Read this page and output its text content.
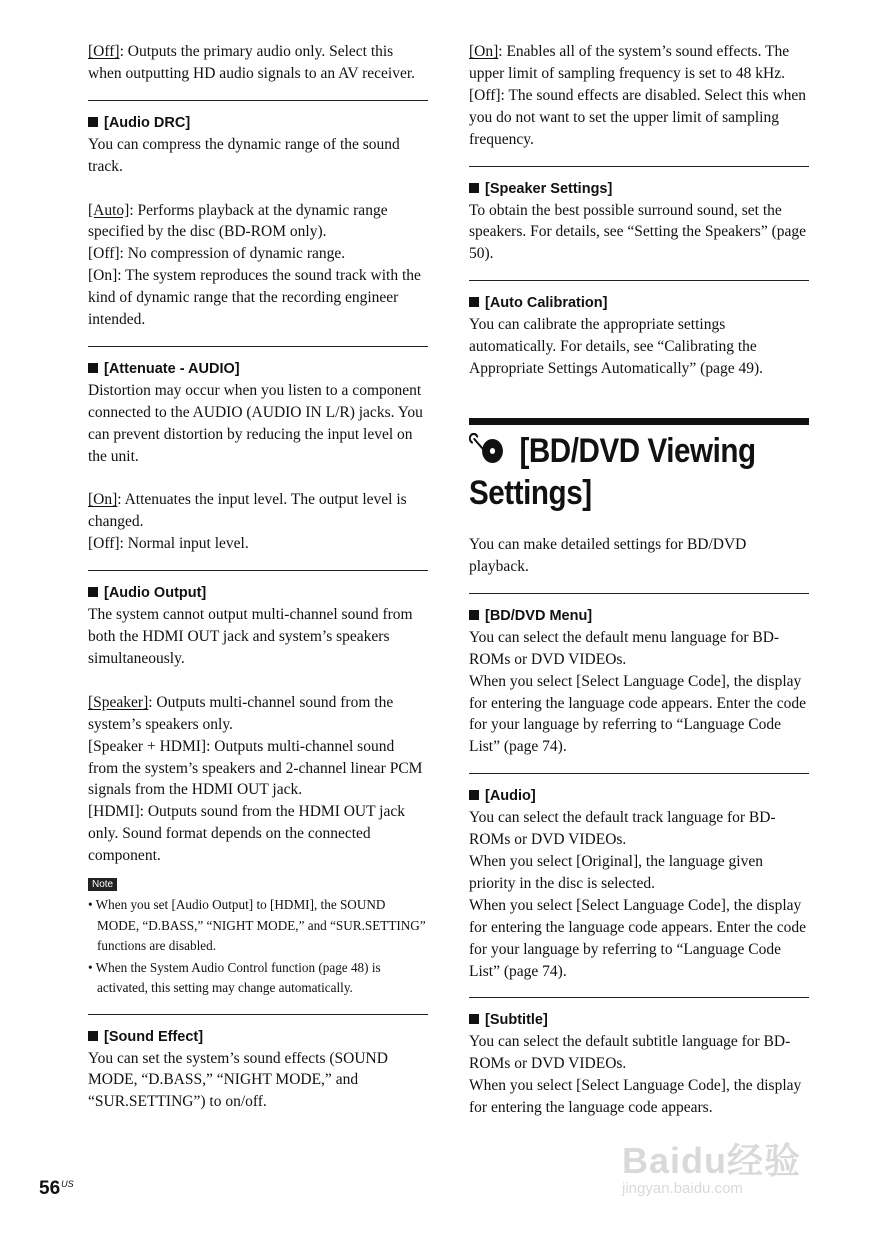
[Off]: Outputs the primary audio only. Select this when outputting HD audio signals to an AV receiver.

[Audio DRC]

You can compress the dynamic range of the sound track.

[Auto]: Performs playback at the dynamic range specified by the disc (BD-ROM only).

[Off]: No compression of dynamic range.

[On]: The system reproduces the sound track with the kind of dynamic range that the recording engineer intended.

[Attenuate - AUDIO]

Distortion may occur when you listen to a component connected to the AUDIO (AUDIO IN L/R) jacks. You can prevent distortion by reducing the input level on the unit.

[On]: Attenuates the input level. The output level is changed.

[Off]: Normal input level.

[Audio Output]

The system cannot output multi-channel sound from both the HDMI OUT jack and system’s speakers simultaneously.

[Speaker]: Outputs multi-channel sound from the system’s speakers only.

[Speaker + HDMI]: Outputs multi-channel sound from the system’s speakers and 2-channel linear PCM signals from the HDMI OUT jack.

[HDMI]: Outputs sound from the HDMI OUT jack only. Sound format depends on the connected component.

Note

• When you set [Audio Output] to [HDMI], the SOUND MODE, “D.BASS,” “NIGHT MODE,” and “SUR.SETTING” functions are disabled.

• When the System Audio Control function (page 48) is activated, this setting may change automatically.

[Sound Effect]

You can set the system’s sound effects (SOUND MODE, “D.BASS,” “NIGHT MODE,” and “SUR.SETTING”) to on/off.

[On]: Enables all of the system’s sound effects. The upper limit of sampling frequency is set to 48 kHz.

[Off]: The sound effects are disabled. Select this when you do not want to set the upper limit of sampling frequency.

[Speaker Settings]

To obtain the best possible surround sound, set the speakers. For details, see “Setting the Speakers” (page 50).

[Auto Calibration]

You can calibrate the appropriate settings automatically. For details, see “Calibrating the Appropriate Settings Automatically” (page 49).

[BD/DVD Viewing
Settings]

You can make detailed settings for BD/DVD playback.

[BD/DVD Menu]

You can select the default menu language for BD-ROMs or DVD VIDEOs.

When you select [Select Language Code], the display for entering the language code appears. Enter the code for your language by referring to “Language Code List” (page 74).

[Audio]

You can select the default track language for BD-ROMs or DVD VIDEOs.

When you select [Original], the language given priority in the disc is selected.

When you select [Select Language Code], the display for entering the language code appears. Enter the code for your language by referring to “Language Code List” (page 74).

[Subtitle]

You can select the default subtitle language for BD-ROMs or DVD VIDEOs.

When you select [Select Language Code], the display for entering the language code appears.

$56^{US}$
Baidu经验
jingyan.baidu.com
